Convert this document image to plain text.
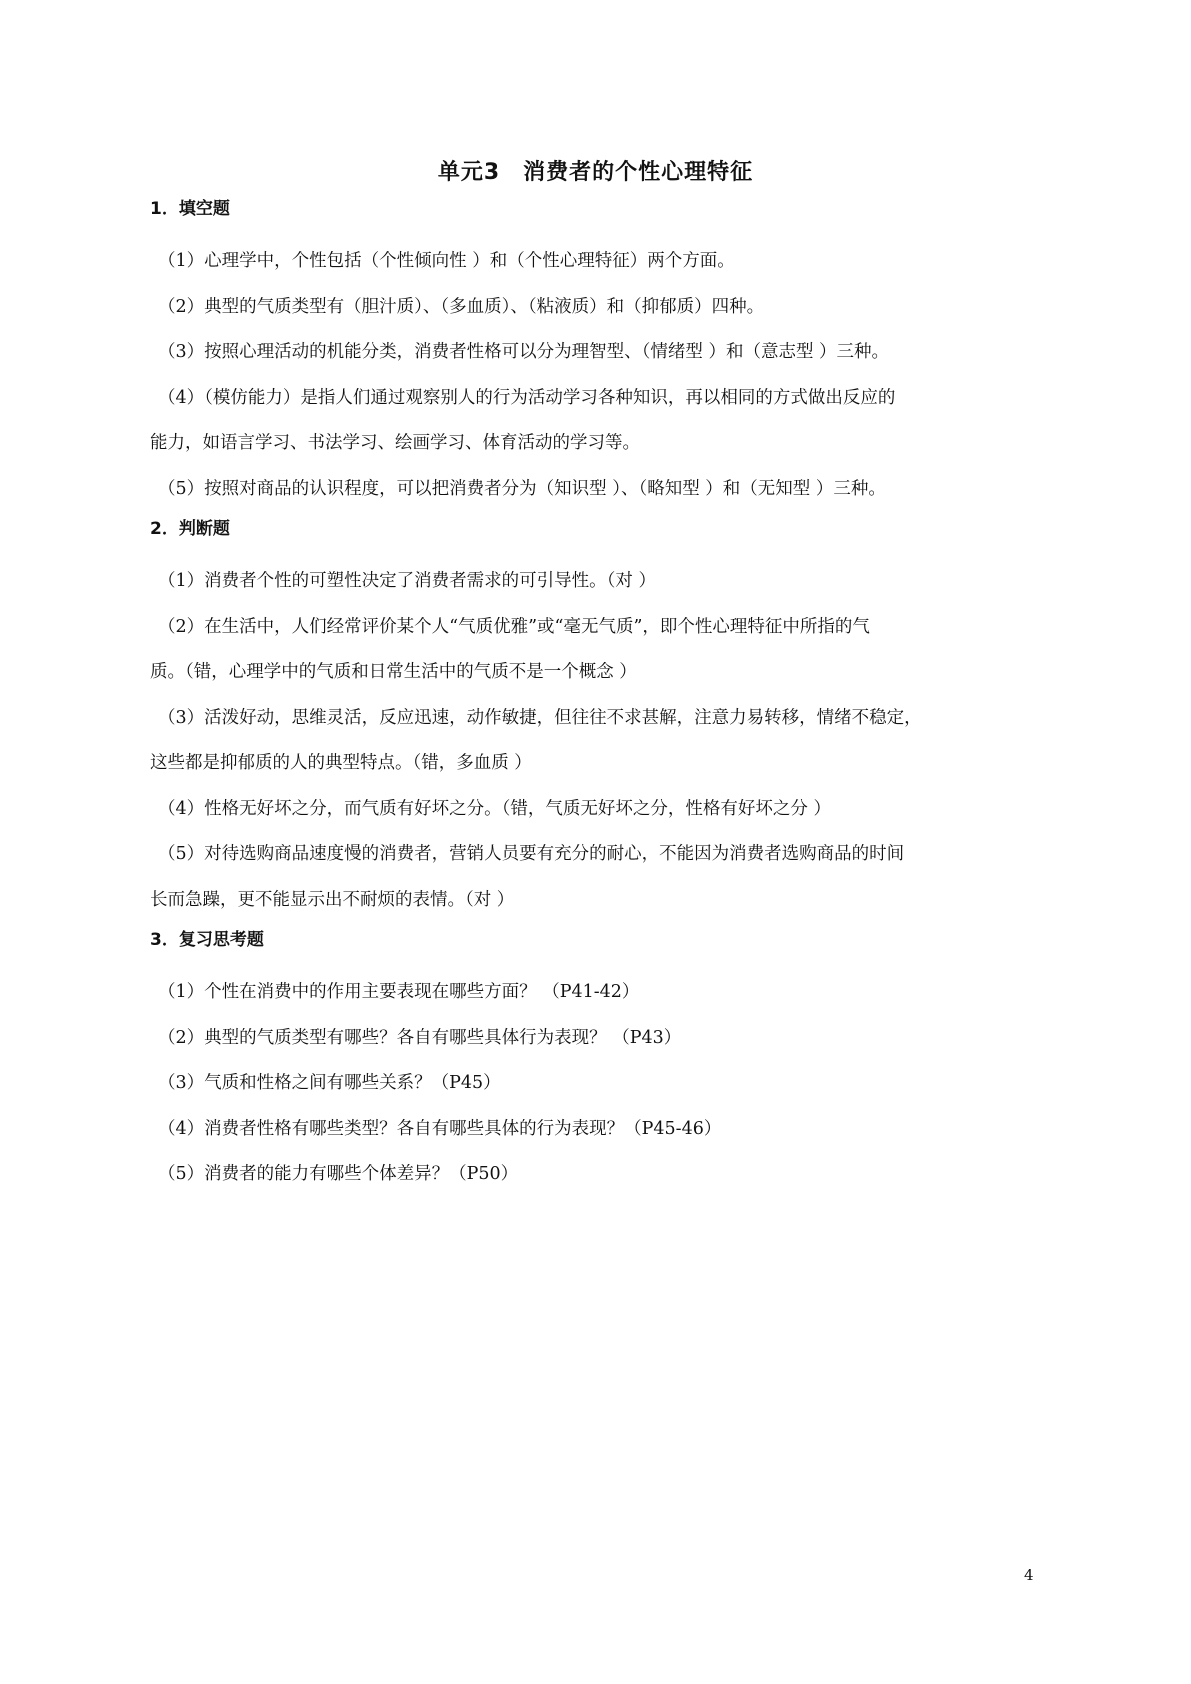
单元3　消费者的个性心理特征
1．填空题
（1）心理学中，个性包括（个性倾向性 ）和（个性心理特征）两个方面。
（2）典型的气质类型有（胆汁质）、（多血质）、（粘液质）和（抑郁质）四种。
（3）按照心理活动的机能分类，消费者性格可以分为理智型、（情绪型 ）和（意志型 ）三种。
（4）（模仿能力）是指人们通过观察别人的行为活动学习各种知识，再以相同的方式做出反应的
能力，如语言学习、书法学习、绘画学习、体育活动的学习等。
（5）按照对商品的认识程度，可以把消费者分为（知识型 ）、（略知型 ）和（无知型 ）三种。
2．判断题
（1）消费者个性的可塑性决定了消费者需求的可引导性。（对 ）
（2）在生活中，人们经常评价某个人“气质优雅”或“毫无气质”，即个性心理特征中所指的气
质。（错，心理学中的气质和日常生活中的气质不是一个概念 ）
（3）活泼好动，思维灵活，反应迅速，动作敏捷，但往往不求甚解，注意力易转移，情绪不稳定，
这些都是抑郁质的人的典型特点。（错，多血质 ）
（4）性格无好坏之分，而气质有好坏之分。（错，气质无好坏之分，性格有好坏之分 ）
（5）对待选购商品速度慢的消费者，营销人员要有充分的耐心，不能因为消费者选购商品的时间
长而急躁，更不能显示出不耐烦的表情。（对 ）
3．复习思考题
（1）个性在消费中的作用主要表现在哪些方面？ （P41-42）
（2）典型的气质类型有哪些？各自有哪些具体行为表现？ （P43）
（3）气质和性格之间有哪些关系？（P45）
（4）消费者性格有哪些类型？各自有哪些具体的行为表现？（P45-46）
（5）消费者的能力有哪些个体差异？（P50）
4
